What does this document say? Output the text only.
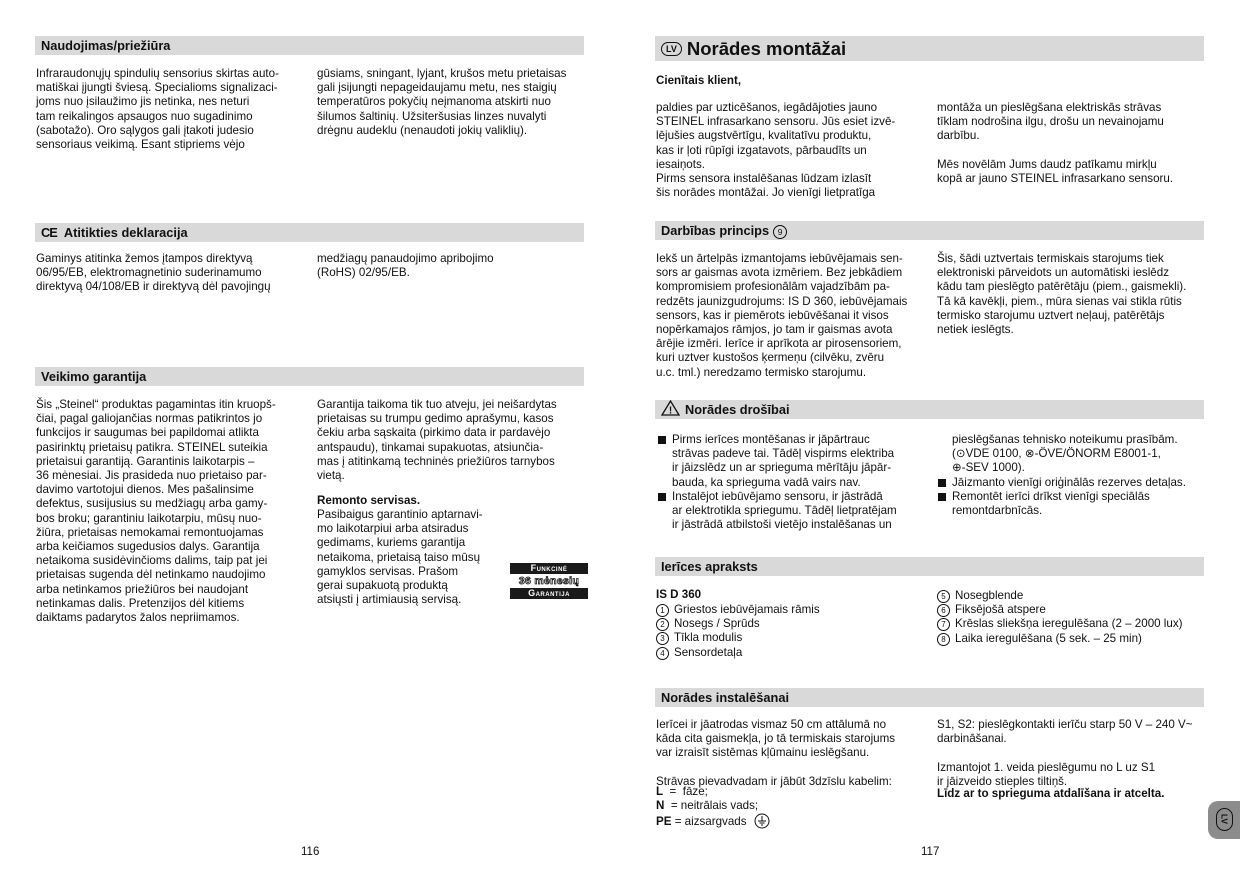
Naudojimas/priežiūra
Infraraudonųjų spindulių sensorius skirtas auto-
matiškai įjungti šviesą. Specialioms signalizaci-
joms nuo įsilaužimo jis netinka, nes neturi
tam reikalingos apsaugos nuo sugadinimo
(sabotažo). Oro sąlygos gali įtakoti judesio
sensoriaus veikimą. Esant stipriems vėjo
gūsiams, sningant, lyjant, krušos metu prietaisas
gali įsijungti nepageidaujamu metu, nes staigių
temperatūros pokyčių neįmanoma atskirti nuo
šilumos šaltinių. Užsiteršusias linzes nuvalyti
drėgnu audeklu (nenaudoti jokių valiklių).
CE Atitikties deklaracija
Gaminys atitinka žemos įtampos direktyvą
06/95/EB, elektromagnetinio suderinamumo
direktyvą 04/108/EB ir direktyvą dėl pavojingų
medžiagų panaudojimo apribojimo
(RoHS) 02/95/EB.
Veikimo garantija
Šis „Steinel“ produktas pagamintas itin kruopš-
čiai, pagal galiojančias normas patikrintos jo
funkcijos ir saugumas bei papildomai atlikta
pasirinktų prietaisų patikra. STEINEL suteikia
prietaisui garantiją. Garantinis laikotarpis –
36 mėnesiai. Jis prasideda nuo prietaiso par-
davimo vartotojui dienos. Mes pašalinsime
defektus, susijusius su medžiagų arba gamy-
bos broku; garantiniu laikotarpiu, mūsų nuo-
žiūra, prietaisas nemokamai remontuojamas
arba keičiamos sugedusios dalys. Garantija
netaikoma susidėvinčioms dalims, taip pat jei
prietaisas sugenda dėl netinkamo naudojimo
arba netinkamos priežiūros bei naudojant
netinkamas dalis. Pretenzijos dėl kitiems
daiktams padarytos žalos nepriimamos.
Garantija taikoma tik tuo atveju, jei neišardytas
prietaisas su trumpu gedimo aprašymu, kasos
čekiu arba sąskaita (pirkimo data ir pardavėjo
antspaudu), tinkamai supakuotas, atsiunčia-
mas į atitinkamą techninės priežiūros tarnybos
vietą.
Remonto servisas.
Pasibaigus garantinio aptarnavi-
mo laikotarpiui arba atsiradus
gedimams, kuriems garantija
netaikoma, prietaisą taiso mūsų
gamyklos servisas. Prašom
gerai supakuotą produktą
atsiųsti į artimiausią servisą.
Funkcinė
36 mėnesių
Garantija
116
LV Norādes montāžai
Cienītais klient,
paldies par uzticēšanos, iegādājoties jauno
STEINEL infrasarkano sensoru. Jūs esiet izvē-
lējušies augstvērtīgu, kvalitatīvu produktu,
kas ir ļoti rūpīgi izgatavots, pārbaudīts un
iesaiņots.
Pirms sensora instalēšanas lūdzam izlasīt
šis norādes montāžai. Jo vienīgi lietpratīga
montāža un pieslēgšana elektriskās strāvas
tīklam nodrošina ilgu, drošu un nevainojamu
darbību.

Mēs novēlām Jums daudz patīkamu mirkļu
kopā ar jauno STEINEL infrasarkano sensoru.
Darbības princips 9
Iekš un ārtelpās izmantojams iebūvējamais sen-
sors ar gaismas avota izmēriem. Bez jebkādiem
kompromisiem profesionālām vajadzībām pa-
redzēts jaunizgudrojums: IS D 360, iebūvējamais
sensors, kas ir piemērots iebūvēšanai it visos
nopērkamajos rāmjos, jo tam ir gaismas avota
ārējie izmēri. Ierīce ir aprīkota ar pirosensoriem,
kuri uztver kustošos ķermeņu (cilvēku, zvēru
u.c. tml.) neredzamo termisko starojumu.
Šis, šādi uztvertais termiskais starojums tiek
elektroniski pārveidots un automātiski ieslēdz
kādu tam pieslēgto patērētāju (piem., gaismekli).
Tā kā kavēkļi, piem., mūra sienas vai stikla rūtis
termisko starojumu uztvert neļauj, patērētājs
netiek ieslēgts.
! Norādes drošībai
Pirms ierīces montēšanas ir jāpārtrauc
strāvas padeve tai. Tādēļ vispirms elektriba
ir jāizslēdz un ar sprieguma mērītāju jāpār-
bauda, ka sprieguma vadā vairs nav.
Instalējot iebūvējamo sensoru, ir jāstrādā
ar elektrotikla spriegumu. Tādēļ lietpratējam
ir jāstrādā atbilstoši vietējo instalēšanas un
pieslēgšanas tehnisko noteikumu prasībām.
(⊙VDE 0100, ⊗-ÖVE/ÖNORM E8001-1,
⊕-SEV 1000).
Jāizmanto vienīgi oriģinālās rezerves detaļas.
Remontēt ierīci drīkst vienīgi speciālās
remontdarbnīcās.
Ierīces apraksts
IS D 360
1 Griestos iebūvējamais rāmis
2 Nosegs / Sprūds
3 Tīkla modulis
4 Sensordetaļa
5 Nosegblende
6 Fiksējošā atspere
7 Krēslas sliekšņa ieregulēšana (2 – 2000 lux)
8 Laika ieregulēšana (5 sek. – 25 min)
Norādes instalēšanai
Ierīcei ir jāatrodas vismaz 50 cm attālumā no
kāda cita gaismekļa, jo tā termiskais starojums
var izraisīt sistēmas kļūmainu ieslēgšanu.

Strāvas pievadvadam ir jābūt 3dzīslu kabelim:
L  =  fāze;
N  = neitrālais vads;
PE = aizsargvads
S1, S2: pieslēgkontakti ierīču starp 50 V – 240 V~
darbināšanai.

Izmantojot 1. veida pieslēgumu no L uz S1
ir jāizveido stieples tiltiņš.
Līdz ar to sprieguma atdalīšana ir atcelta.
117
LV
